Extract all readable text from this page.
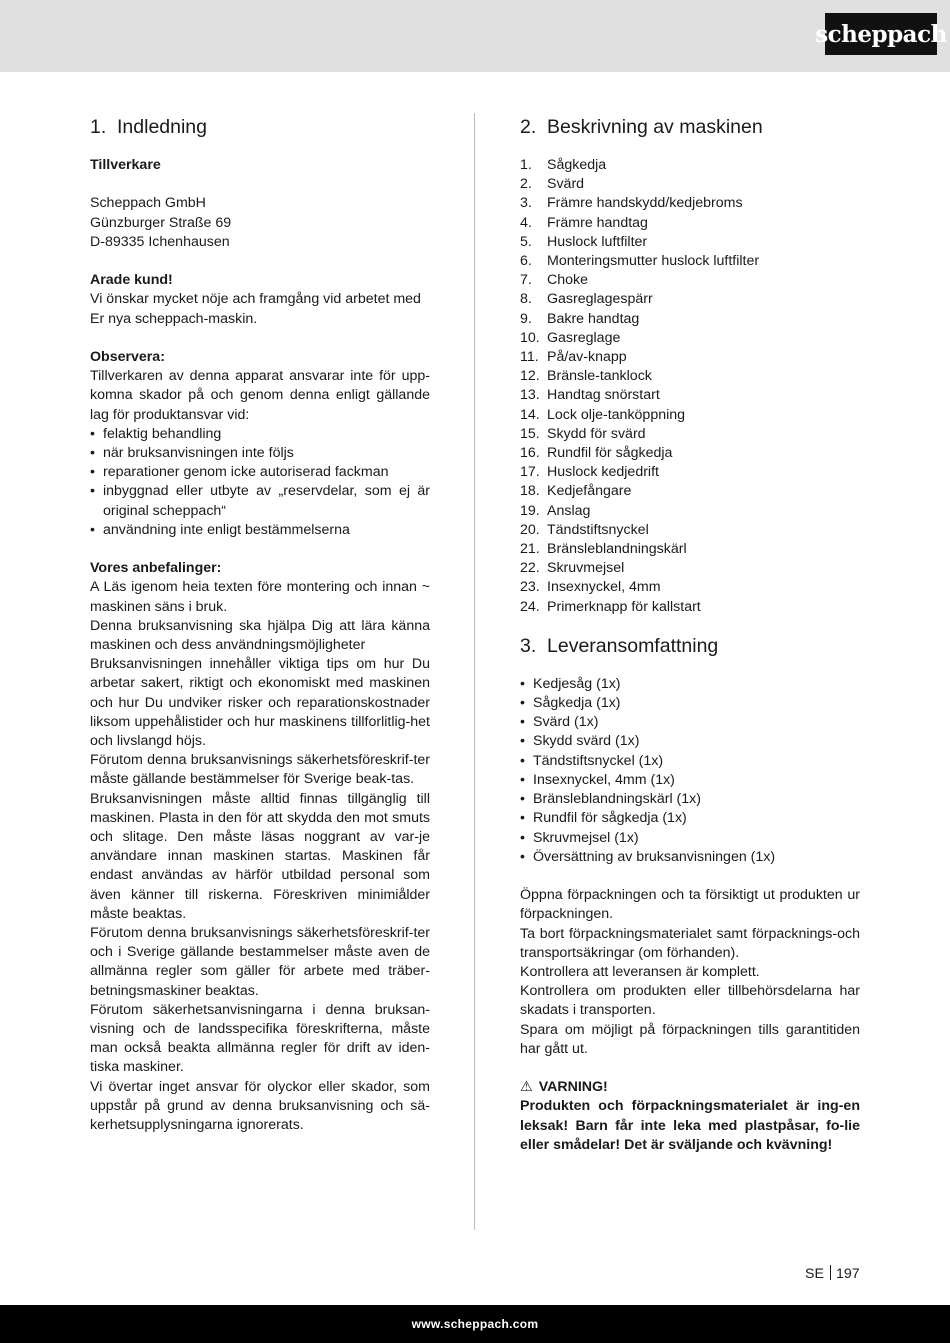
scheppach
1. Indledning

Tillverkare

Scheppach GmbH

Günzburger Straße 69

D-89335 Ichenhausen

Arade kund!

Vi önskar mycket nöje ach framgång vid arbetet med Er nya scheppach-maskin.

Observera:

Tillverkaren av denna apparat ansvarar inte för upp-komna skador på och genom denna enligt gällande lag för produktansvar vid:

• felaktig behandling
• när bruksanvisningen inte följs
• reparationer genom icke autoriserad fackman
• inbyggnad eller utbyte av „reservdelar, som ej är original scheppach“
• användning inte enligt bestämmelserna

Vores anbefalinger:

A Läs igenom heia texten före montering och innan ~ maskinen säns i bruk.

Denna bruksanvisning ska hjälpa Dig att lära känna maskinen och dess användningsmöjligheter

Bruksanvisningen innehåller viktiga tips om hur Du arbetar sakert, riktigt och ekonomiskt med maskinen och hur Du undviker risker och reparationskostnader liksom uppehålistider och hur maskinens tillforlitlig-het och livslangd höjs.

Förutom denna bruksanvisnings säkerhetsföreskrif-ter måste gällande bestämmelser för Sverige beak-tas.

Bruksanvisningen måste alltid finnas tillgänglig till maskinen. Plasta in den för att skydda den mot smuts och slitage. Den måste läsas noggrant av var-je användare innan maskinen startas. Maskinen får endast användas av härför utbildad personal som även känner till riskerna. Föreskriven minimiålder måste beaktas.

Förutom denna bruksanvisnings säkerhetsföreskrif-ter och i Sverige gällande bestammelser måste aven de allmänna regler som gäller för arbete med träber-betningsmaskiner beaktas.

Förutom säkerhetsanvisningarna i denna bruksan-visning och de landsspecifika föreskrifterna, måste man också beakta allmänna regler för drift av iden-tiska maskiner.

Vi övertar inget ansvar för olyckor eller skador, som uppstår på grund av denna bruksanvisning och sä-kerhetsupplysningarna ignorerats.

2. Beskrivning av maskinen
1.	Sågkedja
2.	Svärd
3.	Främre handskydd/kedjebroms
4.	Främre handtag
5.	Huslock luftfilter
6.	Monteringsmutter huslock luftfilter
7.	Choke
8.	Gasreglagespärr
9.	Bakre handtag
10. Gasreglage
11. På/av-knapp
12. Bränsle-tanklock
13. Handtag snörstart
14. Lock olje-tanköppning
15. Skydd för svärd
16. Rundfil för sågkedja
17. Huslock kedjedrift
18. Kedjefångare
19. Anslag
20. Tändstiftsnyckel
21. Bränsleblandningskärl
22. Skruvmejsel
23. Insexnyckel, 4mm
24. Primerknapp för kallstart
3. Leveransomfattning
• Kedjesåg (1x)
• Sågkedja (1x)
• Svärd (1x)
• Skydd svärd (1x)
• Tändstiftsnyckel (1x)
• Insexnyckel, 4mm (1x)
• Bränsleblandningskärl (1x)
• Rundfil för sågkedja (1x)
• Skruvmejsel (1x)
• Översättning av bruksanvisningen (1x)

Öppna förpackningen och ta försiktigt ut produkten ur förpackningen.

Ta bort förpackningsmaterialet samt förpacknings-och transportsäkringar (om förhanden).

Kontrollera att leveransen är komplett.

Kontrollera om produkten eller tillbehörsdelarna har skadats i transporten.

Spara om möjligt på förpackningen tills garantitiden har gått ut.

⚠ VARNING!

Produkten och förpackningsmaterialet är ing-en leksak! Barn får inte leka med plastpåsar, fo-lie eller smådelar! Det är sväljande och kvävning!

SE 197
www.scheppach.com
